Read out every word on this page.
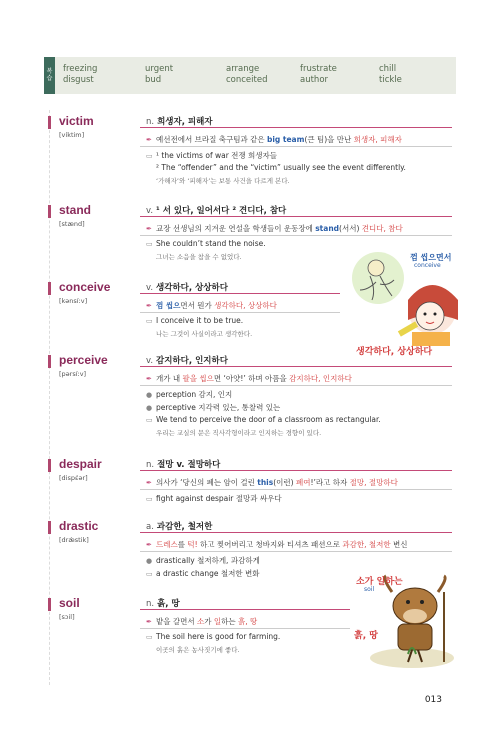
복습
freezing
disgust
urgent
bud
arrange
conceited
frustrate
author
chill
tickle
victim
[víktim]
n. 희생자, 피해자
✒ 예선전에서 브라질 축구팀과 같은 big team(큰 팀)을 만난 희생자, 피해자
▭ ¹ the victims of war 전쟁 희생자들
² The “offender” and the “victim” usually see the event differently.
‘가해자’와 ‘피해자’는 보통 사건을 다르게 본다.
stand
[stænd]
v. ¹ 서 있다, 일어서다 ² 견디다, 참다
✒ 교장 선생님의 지겨운 연설을 학생들이 운동장에 stand(서서) 견디다, 참다
▭ She couldn’t stand the noise.
그녀는 소음을 참을 수 없었다.
conceive
[kənsíːv]
v. 생각하다, 상상하다
✒ 껌 씹으면서 뭔가 생각하다, 상상하다
▭ I conceive it to be true.
나는 그것이 사실이라고 생각한다.
껌 씹으면서
conceive
생각하다, 상상하다
perceive
[pərsíːv]
v. 감지하다, 인지하다
✒ 개가 내 팔을 씹으면 ‘아얏!’ 하며 아픔을 감지하다, 인지하다
● perception 감지, 인지
● perceptive 지각력 있는, 통찰력 있는
▭ We tend to perceive the door of a classroom as rectangular.
우리는 교실의 문은 직사각형이라고 인지하는 경향이 있다.
despair
[dispέər]
n. 절망 v. 절망하다
✒ 의사가 ‘당신의 폐는 암이 걸린 this(이런) 폐여!’라고 하자 절망, 절망하다
▭ fight against despair 절망과 싸우다
drastic
[drǽstik]
a. 과감한, 철저한
✒ 드레스를 턱! 하고 찢어버리고 청바지와 티셔츠 패션으로 과감한, 철저한 변신
● drastically 철저하게, 과감하게
▭ a drastic change 철저한 변화
soil
[sɔil]
n. 흙, 땅
✒ 밭을 갈면서 소가 일하는 흙, 땅
▭ The soil here is good for farming.
이곳의 흙은 농사짓기에 좋다.
소가 일하는
soil
흙, 땅
013
